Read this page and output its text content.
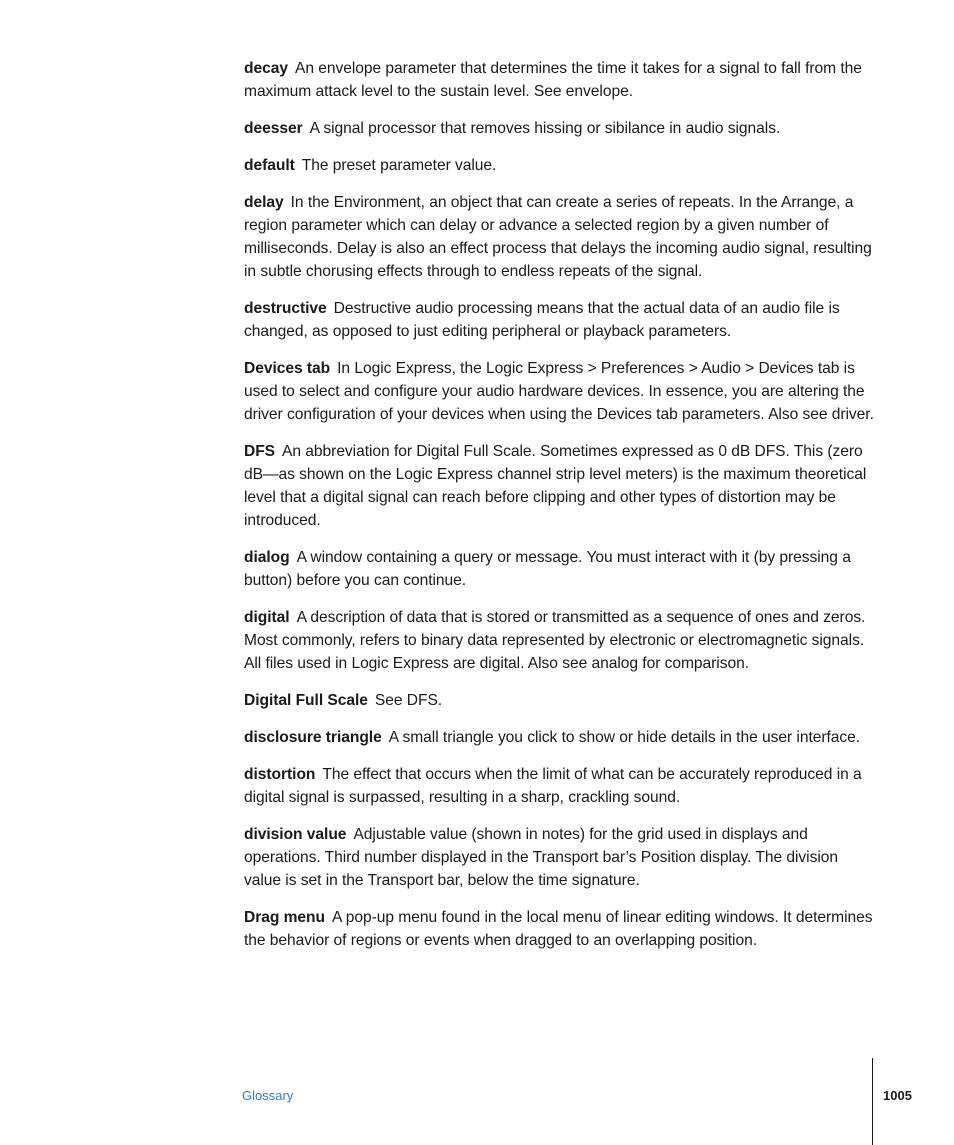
decay An envelope parameter that determines the time it takes for a signal to fall from the maximum attack level to the sustain level. See envelope.

deesser A signal processor that removes hissing or sibilance in audio signals.

default The preset parameter value.

delay In the Environment, an object that can create a series of repeats. In the Arrange, a region parameter which can delay or advance a selected region by a given number of milliseconds. Delay is also an effect process that delays the incoming audio signal, resulting in subtle chorusing effects through to endless repeats of the signal.

destructive Destructive audio processing means that the actual data of an audio file is changed, as opposed to just editing peripheral or playback parameters.

Devices tab In Logic Express, the Logic Express > Preferences > Audio > Devices tab is used to select and configure your audio hardware devices. In essence, you are altering the driver configuration of your devices when using the Devices tab parameters. Also see driver.

DFS An abbreviation for Digital Full Scale. Sometimes expressed as 0 dB DFS. This (zero dB—as shown on the Logic Express channel strip level meters) is the maximum theoretical level that a digital signal can reach before clipping and other types of distortion may be introduced.

dialog A window containing a query or message. You must interact with it (by pressing a button) before you can continue.

digital A description of data that is stored or transmitted as a sequence of ones and zeros. Most commonly, refers to binary data represented by electronic or electromagnetic signals. All files used in Logic Express are digital. Also see analog for comparison.

Digital Full Scale See DFS.

disclosure triangle A small triangle you click to show or hide details in the user interface.

distortion The effect that occurs when the limit of what can be accurately reproduced in a digital signal is surpassed, resulting in a sharp, crackling sound.

division value Adjustable value (shown in notes) for the grid used in displays and operations. Third number displayed in the Transport bar’s Position display. The division value is set in the Transport bar, below the time signature.

Drag menu A pop-up menu found in the local menu of linear editing windows. It determines the behavior of regions or events when dragged to an overlapping position.

Glossary	1005
